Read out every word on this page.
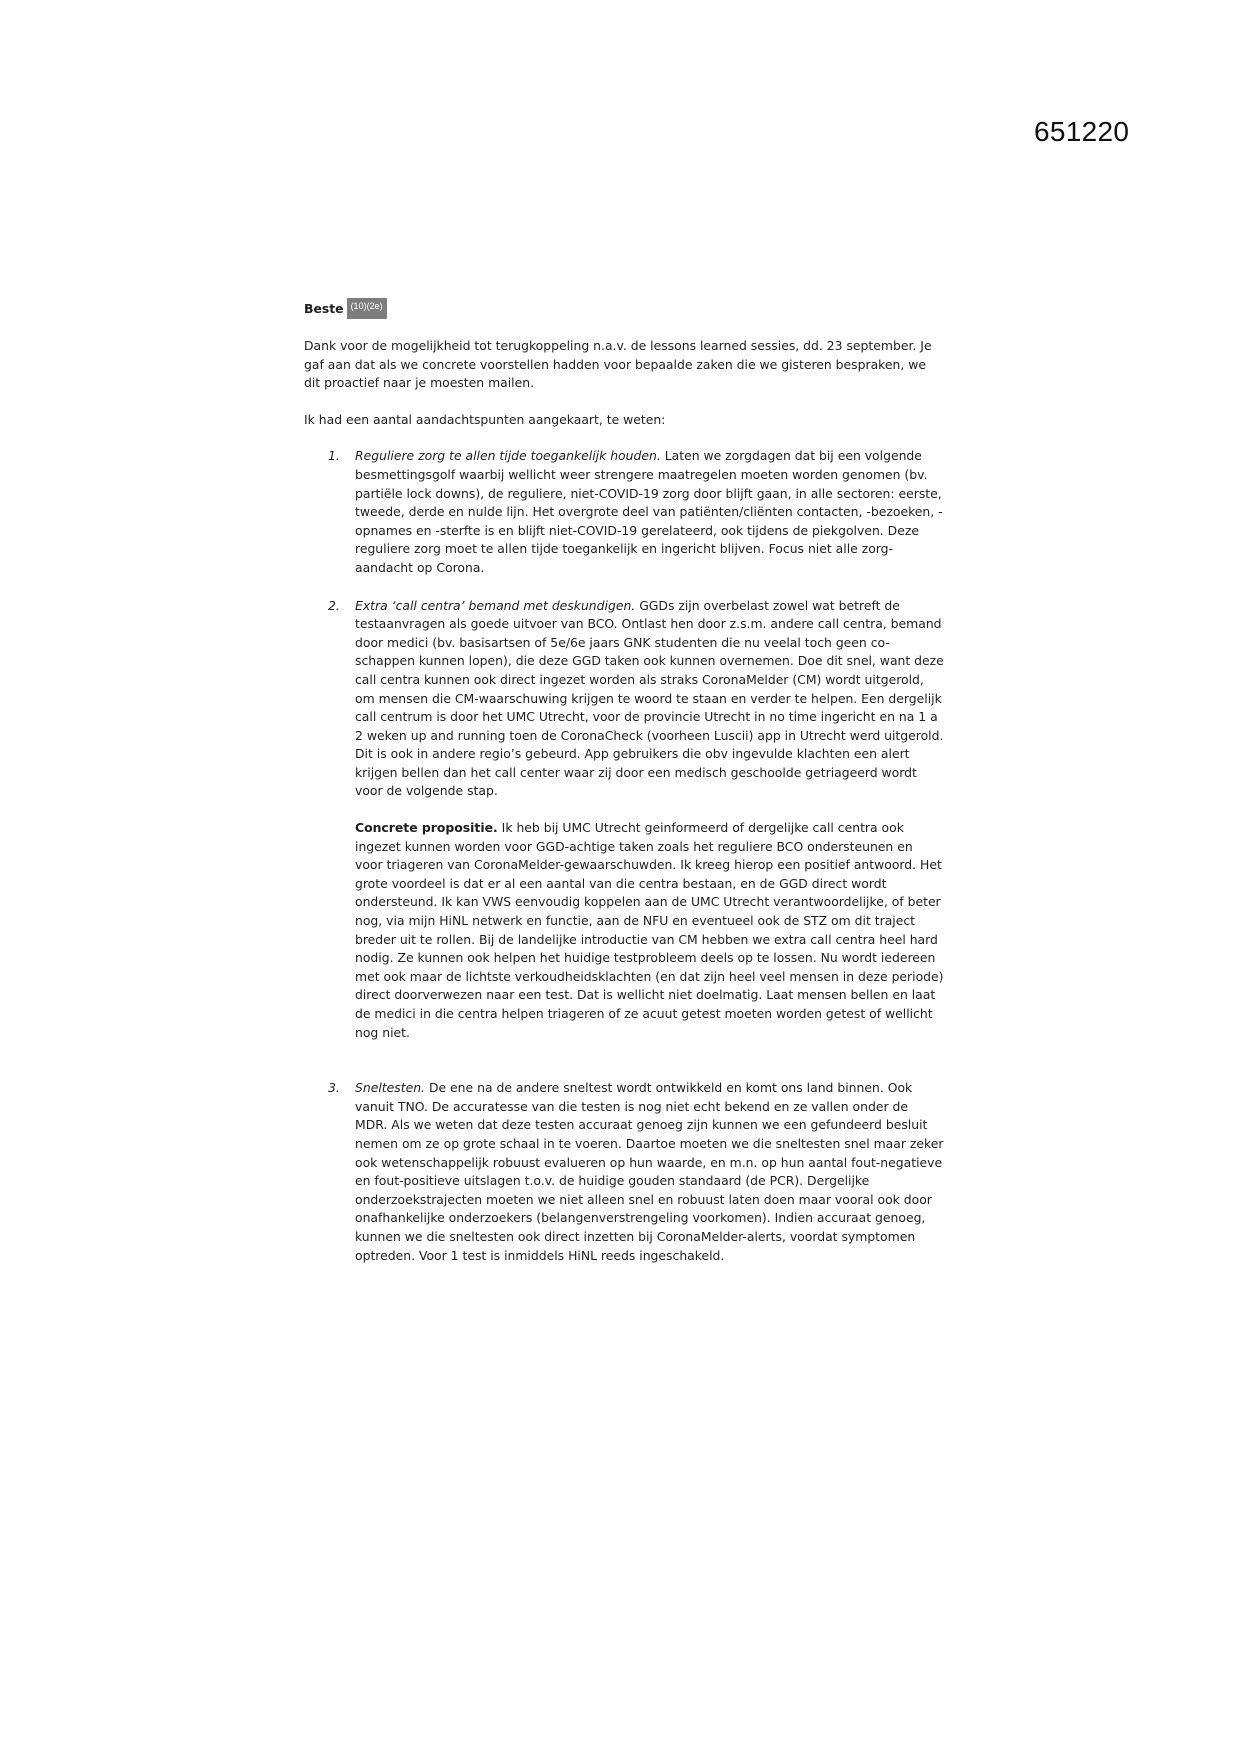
651220

Beste (10)(2e)

Dank voor de mogelijkheid tot terugkoppeling n.a.v. de lessons learned sessies, dd. 23 september. Je gaf aan dat als we concrete voorstellen hadden voor bepaalde zaken die we gisteren bespraken, we dit proactief naar je moesten mailen.

Ik had een aantal aandachtspunten aangekaart, te weten:

1. Reguliere zorg te allen tijde toegankelijk houden. Laten we zorgdagen dat bij een volgende besmettingsgolf waarbij wellicht weer strengere maatregelen moeten worden genomen (bv. partiële lock downs), de reguliere, niet-COVID-19 zorg door blijft gaan, in alle sectoren: eerste, tweede, derde en nulde lijn. Het overgrote deel van patiënten/cliënten contacten, -bezoeken, -opnames en -sterfte is en blijft niet-COVID-19 gerelateerd, ook tijdens de piekgolven. Deze reguliere zorg moet te allen tijde toegankelijk en ingericht blijven. Focus niet alle zorg-aandacht op Corona.

2. Extra ‘call centra’ bemand met deskundigen. GGDs zijn overbelast zowel wat betreft de testaanvragen als goede uitvoer van BCO. Ontlast hen door z.s.m. andere call centra, bemand door medici (bv. basisartsen of 5e/6e jaars GNK studenten die nu veelal toch geen co-schappen kunnen lopen), die deze GGD taken ook kunnen overnemen. Doe dit snel, want deze call centra kunnen ook direct ingezet worden als straks CoronaMelder (CM) wordt uitgerold, om mensen die CM-waarschuwing krijgen te woord te staan en verder te helpen. Een dergelijk call centrum is door het UMC Utrecht, voor de provincie Utrecht in no time ingericht en na 1 a 2 weken up and running toen de CoronaCheck (voorheen Luscii) app in Utrecht werd uitgerold. Dit is ook in andere regio’s gebeurd. App gebruikers die obv ingevulde klachten een alert krijgen bellen dan het call center waar zij door een medisch geschoolde getriageerd wordt voor de volgende stap.

Concrete propositie. Ik heb bij UMC Utrecht geinformeerd of dergelijke call centra ook ingezet kunnen worden voor GGD-achtige taken zoals het reguliere BCO ondersteunen en voor triageren van CoronaMelder-gewaarschuwden. Ik kreeg hierop een positief antwoord. Het grote voordeel is dat er al een aantal van die centra bestaan, en de GGD direct wordt ondersteund. Ik kan VWS eenvoudig koppelen aan de UMC Utrecht verantwoordelijke, of beter nog, via mijn HiNL netwerk en functie, aan de NFU en eventueel ook de STZ om dit traject breder uit te rollen. Bij de landelijke introductie van CM hebben we extra call centra heel hard nodig. Ze kunnen ook helpen het huidige testprobleem deels op te lossen. Nu wordt iedereen met ook maar de lichtste verkoudheidsklachten (en dat zijn heel veel mensen in deze periode) direct doorverwezen naar een test. Dat is wellicht niet doelmatig. Laat mensen bellen en laat de medici in die centra helpen triageren of ze acuut getest moeten worden getest of wellicht nog niet.

3. Sneltesten. De ene na de andere sneltest wordt ontwikkeld en komt ons land binnen. Ook vanuit TNO. De accuratesse van die testen is nog niet echt bekend en ze vallen onder de MDR. Als we weten dat deze testen accuraat genoeg zijn kunnen we een gefundeerd besluit nemen om ze op grote schaal in te voeren. Daartoe moeten we die sneltesten snel maar zeker ook wetenschappelijk robuust evalueren op hun waarde, en m.n. op hun aantal fout-negatieve en fout-positieve uitslagen t.o.v. de huidige gouden standaard (de PCR). Dergelijke onderzoekstrajecten moeten we niet alleen snel en robuust laten doen maar vooral ook door onafhankelijke onderzoekers (belangenverstrengeling voorkomen). Indien accuraat genoeg, kunnen we die sneltesten ook direct inzetten bij CoronaMelder-alerts, voordat symptomen optreden. Voor 1 test is inmiddels HiNL reeds ingeschakeld.
